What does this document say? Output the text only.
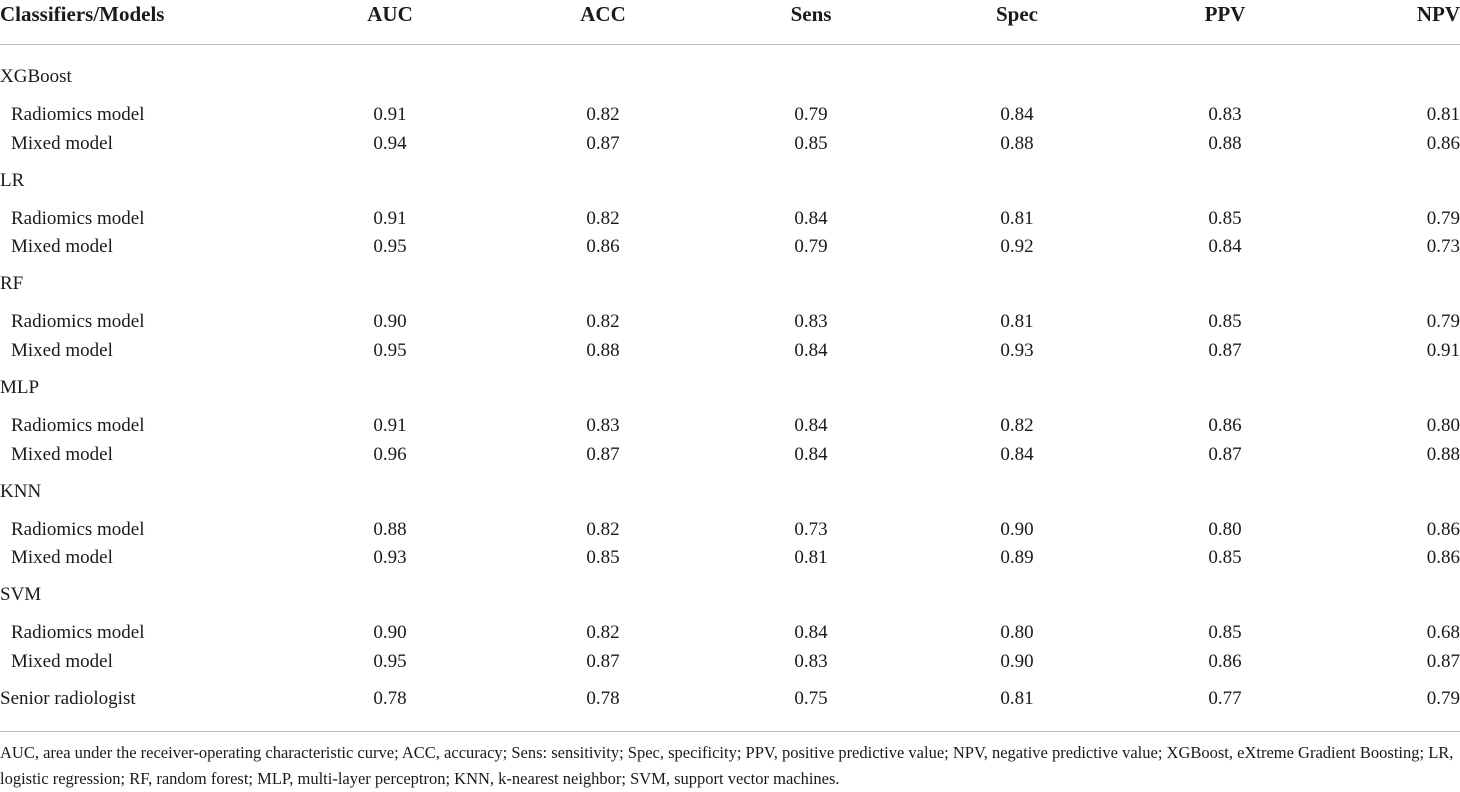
Classifiers/Models	AUC	ACC	Sens	Spec	PPV	NPV
XGBoost
Radiomics model	0.91	0.82	0.79	0.84	0.83	0.81
Mixed model	0.94	0.87	0.85	0.88	0.88	0.86
LR
Radiomics model	0.91	0.82	0.84	0.81	0.85	0.79
Mixed model	0.95	0.86	0.79	0.92	0.84	0.73
RF
Radiomics model	0.90	0.82	0.83	0.81	0.85	0.79
Mixed model	0.95	0.88	0.84	0.93	0.87	0.91
MLP
Radiomics model	0.91	0.83	0.84	0.82	0.86	0.80
Mixed model	0.96	0.87	0.84	0.84	0.87	0.88
KNN
Radiomics model	0.88	0.82	0.73	0.90	0.80	0.86
Mixed model	0.93	0.85	0.81	0.89	0.85	0.86
SVM
Radiomics model	0.90	0.82	0.84	0.80	0.85	0.68
Mixed model	0.95	0.87	0.83	0.90	0.86	0.87
Senior radiologist	0.78	0.78	0.75	0.81	0.77	0.79
AUC, area under the receiver-operating characteristic curve; ACC, accuracy; Sens: sensitivity; Spec, specificity; PPV, positive predictive value; NPV, negative predictive value; XGBoost, eXtreme Gradient Boosting; LR, logistic regression; RF, random forest; MLP, multi-layer perceptron; KNN, k-nearest neighbor; SVM, support vector machines.
